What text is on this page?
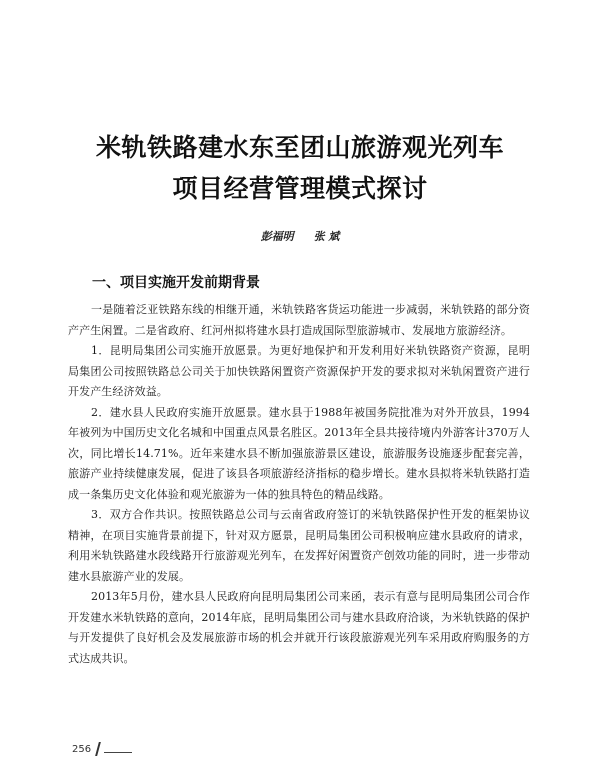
米轨铁路建水东至团山旅游观光列车
项目经营管理模式探讨
彭福明 张 斌
一、项目实施开发前期背景

一是随着泛亚铁路东线的相继开通，米轨铁路客货运功能进一步减弱，米轨铁路的部分资产产生闲置。二是省政府、红河州拟将建水县打造成国际型旅游城市、发展地方旅游经济。

1．昆明局集团公司实施开放愿景。为更好地保护和开发利用好米轨铁路资产资源，昆明局集团公司按照铁路总公司关于加快铁路闲置资产资源保护开发的要求拟对米轨闲置资产进行开发产生经济效益。

2．建水县人民政府实施开放愿景。建水县于1988年被国务院批准为对外开放县，1994年被列为中国历史文化名城和中国重点风景名胜区。2013年全县共接待境内外游客计370万人次，同比增长14.71%。近年来建水县不断加强旅游景区建设，旅游服务设施逐步配套完善，旅游产业持续健康发展，促进了该县各项旅游经济指标的稳步增长。建水县拟将米轨铁路打造成一条集历史文化体验和观光旅游为一体的独具特色的精品线路。

3．双方合作共识。按照铁路总公司与云南省政府签订的米轨铁路保护性开发的框架协议精神，在项目实施背景前提下，针对双方愿景，昆明局集团公司积极响应建水县政府的请求，利用米轨铁路建水段线路开行旅游观光列车，在发挥好闲置资产创效功能的同时，进一步带动建水县旅游产业的发展。

2013年5月份，建水县人民政府向昆明局集团公司来函，表示有意与昆明局集团公司合作开发建水米轨铁路的意向，2014年底，昆明局集团公司与建水县政府洽谈，为米轨铁路的保护与开发提供了良好机会及发展旅游市场的机会并就开行该段旅游观光列车采用政府购服务的方式达成共识。

256
